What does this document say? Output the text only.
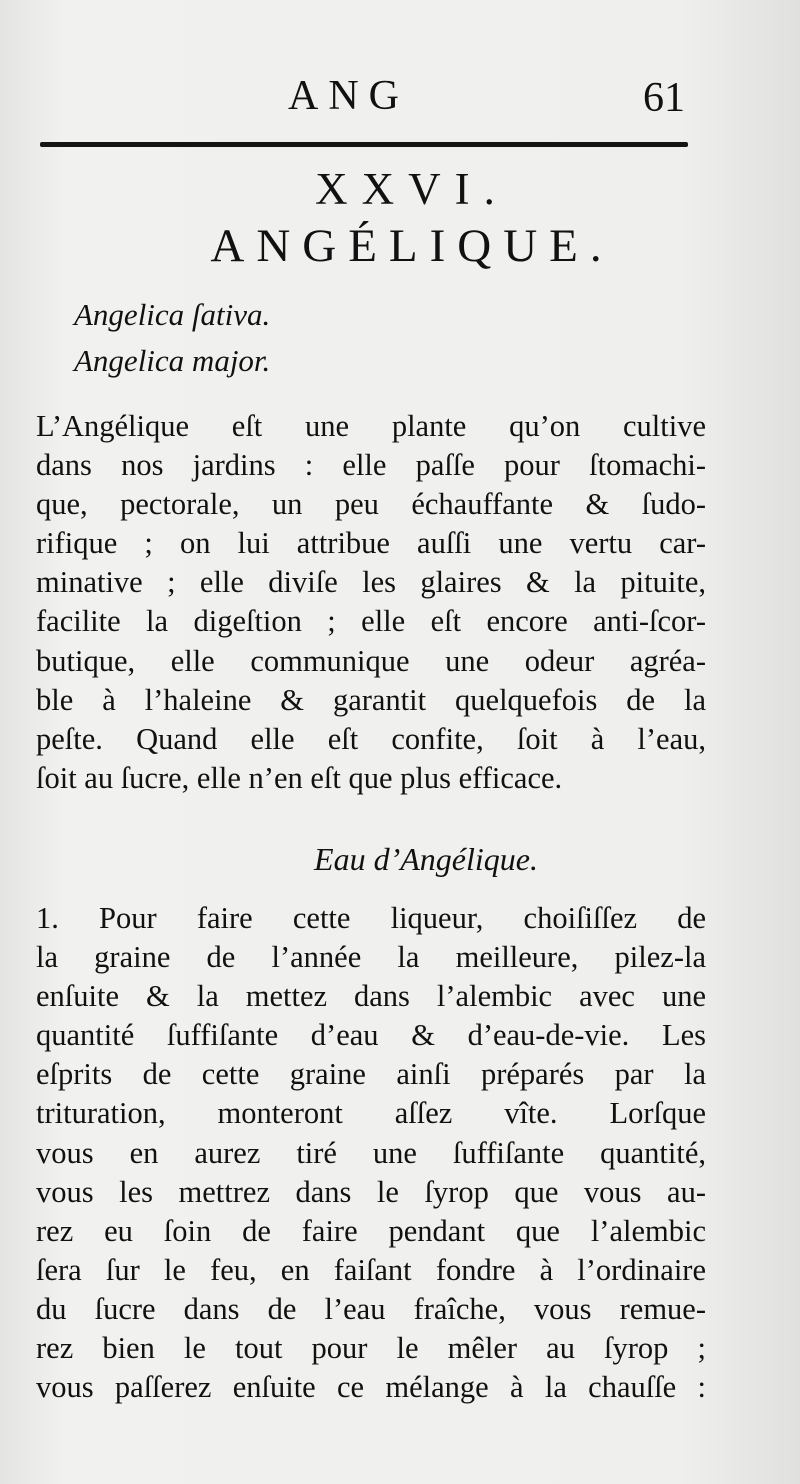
ANG	61
XXVI.
ANGÉLIQUE.
Angelica ſativa.
Angelica major.
L’Angélique eſt une plante qu’on cultive
dans nos jardins : elle paſſe pour ſtomachi-
que, pectorale, un peu échauffante & ſudo-
rifique ; on lui attribue auſſi une vertu car-
minative ; elle diviſe les glaires & la pituite,
facilite la digeſtion ; elle eſt encore anti-ſcor-
butique, elle communique une odeur agréa-
ble à l’haleine & garantit quelquefois de la
peſte. Quand elle eſt confite, ſoit à l’eau,
ſoit au ſucre, elle n’en eſt que plus efficace.
Eau d’Angélique.
1. Pour faire cette liqueur, choiſiſſez de
la graine de l’année la meilleure, pilez-la
enſuite & la mettez dans l’alembic avec une
quantité ſuffiſante d’eau & d’eau-de-vie. Les
eſprits de cette graine ainſi préparés par la
trituration, monteront aſſez vîte. Lorſque
vous en aurez tiré une ſuffiſante quantité,
vous les mettrez dans le ſyrop que vous au-
rez eu ſoin de faire pendant que l’alembic
ſera ſur le feu, en faiſant fondre à l’ordinaire
du ſucre dans de l’eau fraîche, vous remue-
rez bien le tout pour le mêler au ſyrop ;
vous paſſerez enſuite ce mélange à la chauſſe :
